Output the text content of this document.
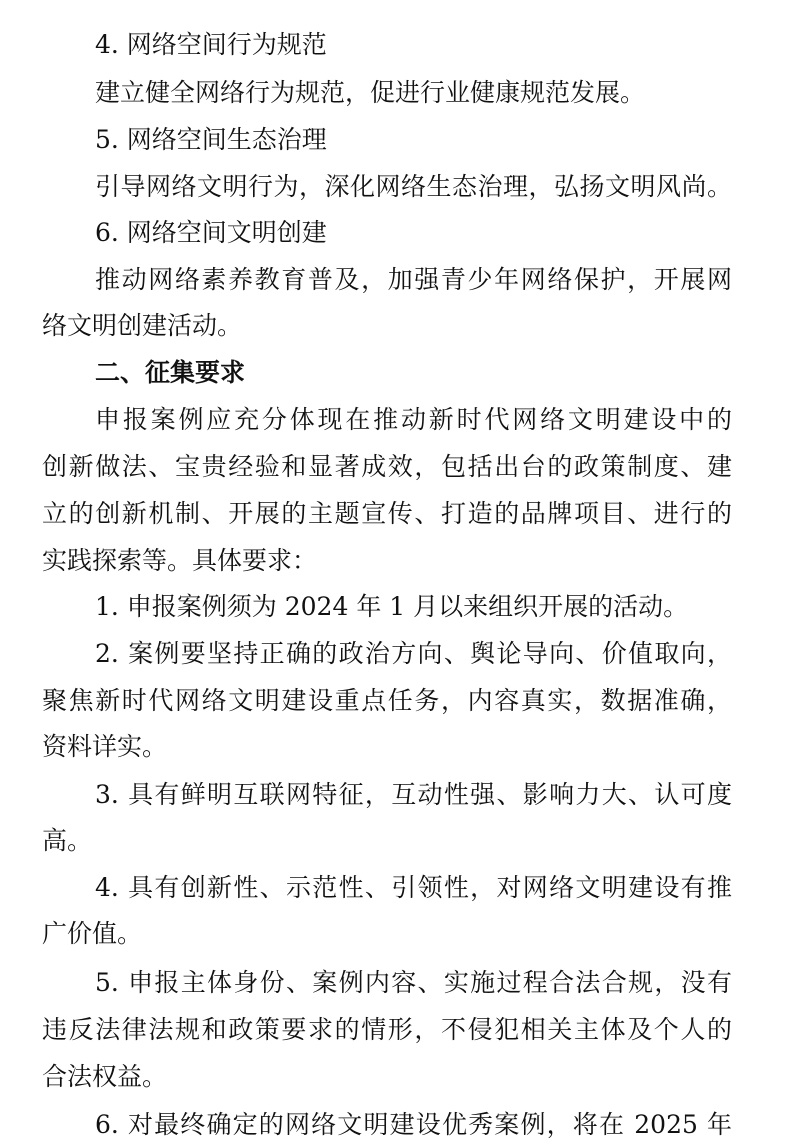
4. 网络空间行为规范
建立健全网络行为规范，促进行业健康规范发展。
5. 网络空间生态治理
引导网络文明行为，深化网络生态治理，弘扬文明风尚。
6. 网络空间文明创建
推动网络素养教育普及，加强青少年网络保护，开展网
络文明创建活动。
二、征集要求
申报案例应充分体现在推动新时代网络文明建设中的
创新做法、宝贵经验和显著成效，包括出台的政策制度、建
立的创新机制、开展的主题宣传、打造的品牌项目、进行的
实践探索等。具体要求：
1. 申报案例须为 2024 年 1 月以来组织开展的活动。
2. 案例要坚持正确的政治方向、舆论导向、价值取向，
聚焦新时代网络文明建设重点任务，内容真实，数据准确，
资料详实。
3. 具有鲜明互联网特征，互动性强、影响力大、认可度
高。
4. 具有创新性、示范性、引领性，对网络文明建设有推
广价值。
5. 申报主体身份、案例内容、实施过程合法合规，没有
违反法律法规和政策要求的情形，不侵犯相关主体及个人的
合法权益。
6. 对最终确定的网络文明建设优秀案例，将在 2025 年
